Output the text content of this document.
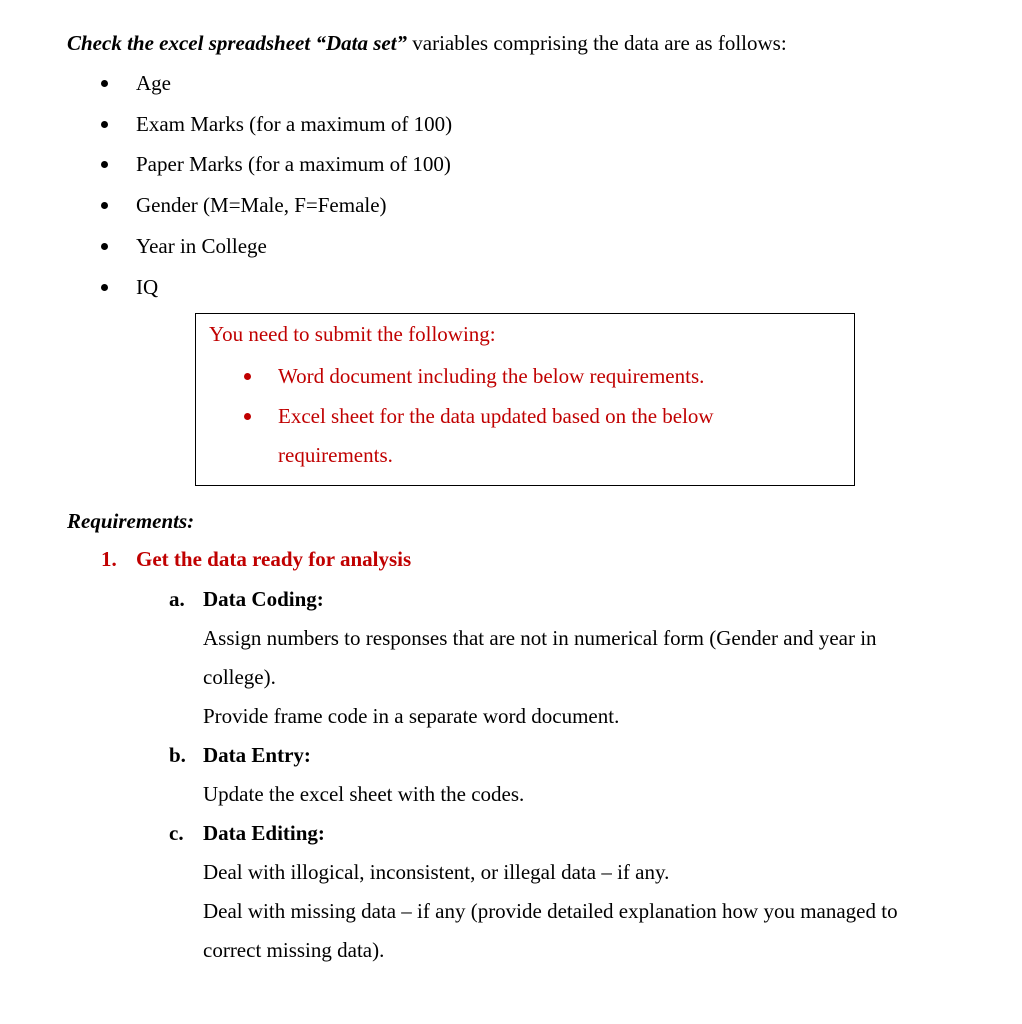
Check the excel spreadsheet “Data set” variables comprising the data are as follows:
Age
Exam Marks (for a maximum of 100)
Paper Marks (for a maximum of 100)
Gender (M=Male, F=Female)
Year in College
IQ
You need to submit the following:
Word document including the below requirements.
Excel sheet for the data updated based on the below
requirements.
Requirements:
1. Get the data ready for analysis
a. Data Coding:
Assign numbers to responses that are not in numerical form (Gender and year in
college).
Provide frame code in a separate word document.
b. Data Entry:
Update the excel sheet with the codes.
c. Data Editing:
Deal with illogical, inconsistent, or illegal data – if any.
Deal with missing data – if any (provide detailed explanation how you managed to
correct missing data).
